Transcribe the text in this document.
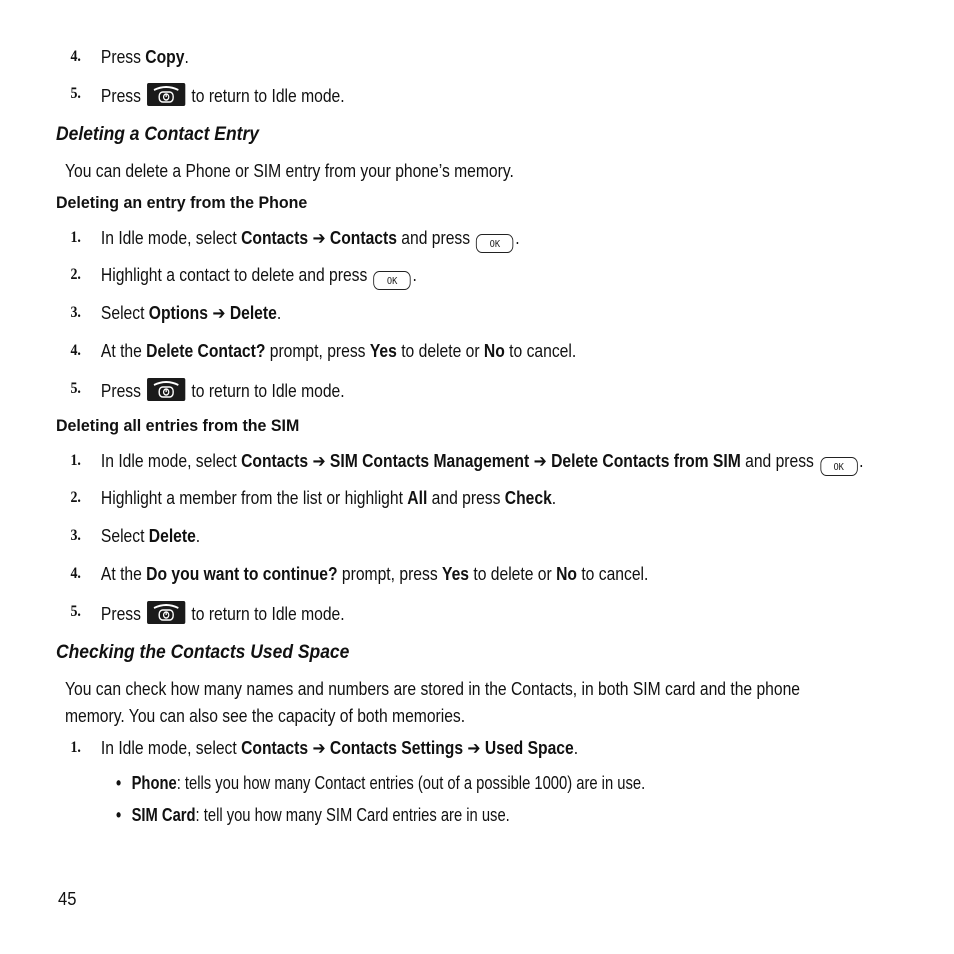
4. Press Copy.
5. Press
to return to Idle mode.
Deleting a Contact Entry
You can delete a Phone or SIM entry from your phone’s memory.
Deleting an entry from the Phone
1. In Idle mode, select Contacts ➔ Contacts and press OK .
2. Highlight a contact to delete and press OK .
3. Select Options ➔ Delete.
4. At the Delete Contact? prompt, press Yes to delete or No to cancel.
5. Press
to return to Idle mode.
Deleting all entries from the SIM
1. In Idle mode, select Contacts ➔ SIM Contacts Management ➔ Delete Contacts from SIM and press OK .
2. Highlight a member from the list or highlight All and press Check.
3. Select Delete.
4. At the Do you want to continue? prompt, press Yes to delete or No to cancel.
5. Press
to return to Idle mode.
Checking the Contacts Used Space
You can check how many names and numbers are stored in the Contacts, in both SIM card and the phone
memory. You can also see the capacity of both memories.
1. In Idle mode, select Contacts ➔ Contacts Settings ➔ Used Space.
• Phone: tells you how many Contact entries (out of a possible 1000) are in use.
• SIM Card: tell you how many SIM Card entries are in use.
45
